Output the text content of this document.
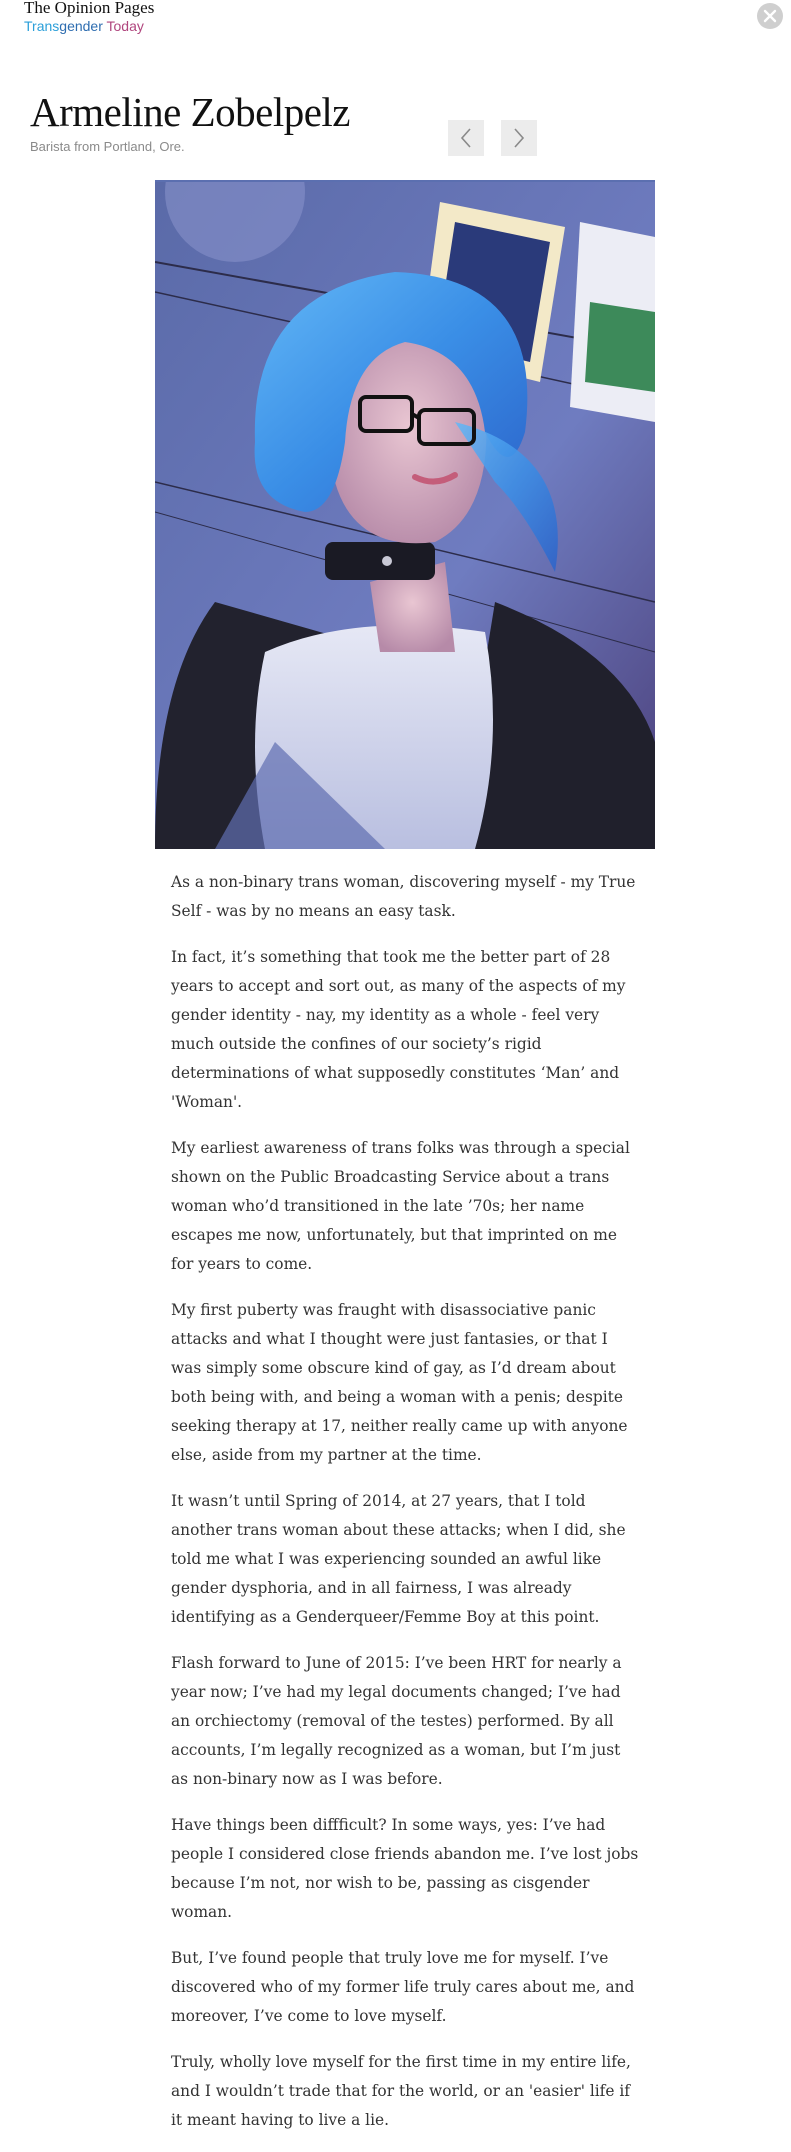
The Opinion Pages
Transgender Today
Armeline Zobelpelz
Barista from Portland, Ore.

As a non-binary trans woman, discovering myself - my True Self - was by no means an easy task.

In fact, it’s something that took me the better part of 28 years to accept and sort out, as many of the aspects of my gender identity - nay, my identity as a whole - feel very much outside the confines of our society’s rigid determinations of what supposedly constitutes ‘Man’ and 'Woman'.

My earliest awareness of trans folks was through a special shown on the Public Broadcasting Service about a trans woman who’d transitioned in the late ’70s; her name escapes me now, unfortunately, but that imprinted on me for years to come.

My first puberty was fraught with disassociative panic attacks and what I thought were just fantasies, or that I was simply some obscure kind of gay, as I’d dream about both being with, and being a woman with a penis; despite seeking therapy at 17, neither really came up with anyone else, aside from my partner at the time.

It wasn’t until Spring of 2014, at 27 years, that I told another trans woman about these attacks; when I did, she told me what I was experiencing sounded an awful like gender dysphoria, and in all fairness, I was already identifying as a Genderqueer/Femme Boy at this point.

Flash forward to June of 2015: I’ve been HRT for nearly a year now; I’ve had my legal documents changed; I’ve had an orchiectomy (removal of the testes) performed. By all accounts, I’m legally recognized as a woman, but I’m just as non-binary now as I was before.

Have things been diffficult? In some ways, yes: I’ve had people I considered close friends abandon me. I’ve lost jobs because I’m not, nor wish to be, passing as cisgender woman.

But, I’ve found people that truly love me for myself. I’ve discovered who of my former life truly cares about me, and moreover, I’ve come to love myself.

Truly, wholly love myself for the first time in my entire life, and I wouldn’t trade that for the world, or an 'easier' life if it meant having to live a lie.
